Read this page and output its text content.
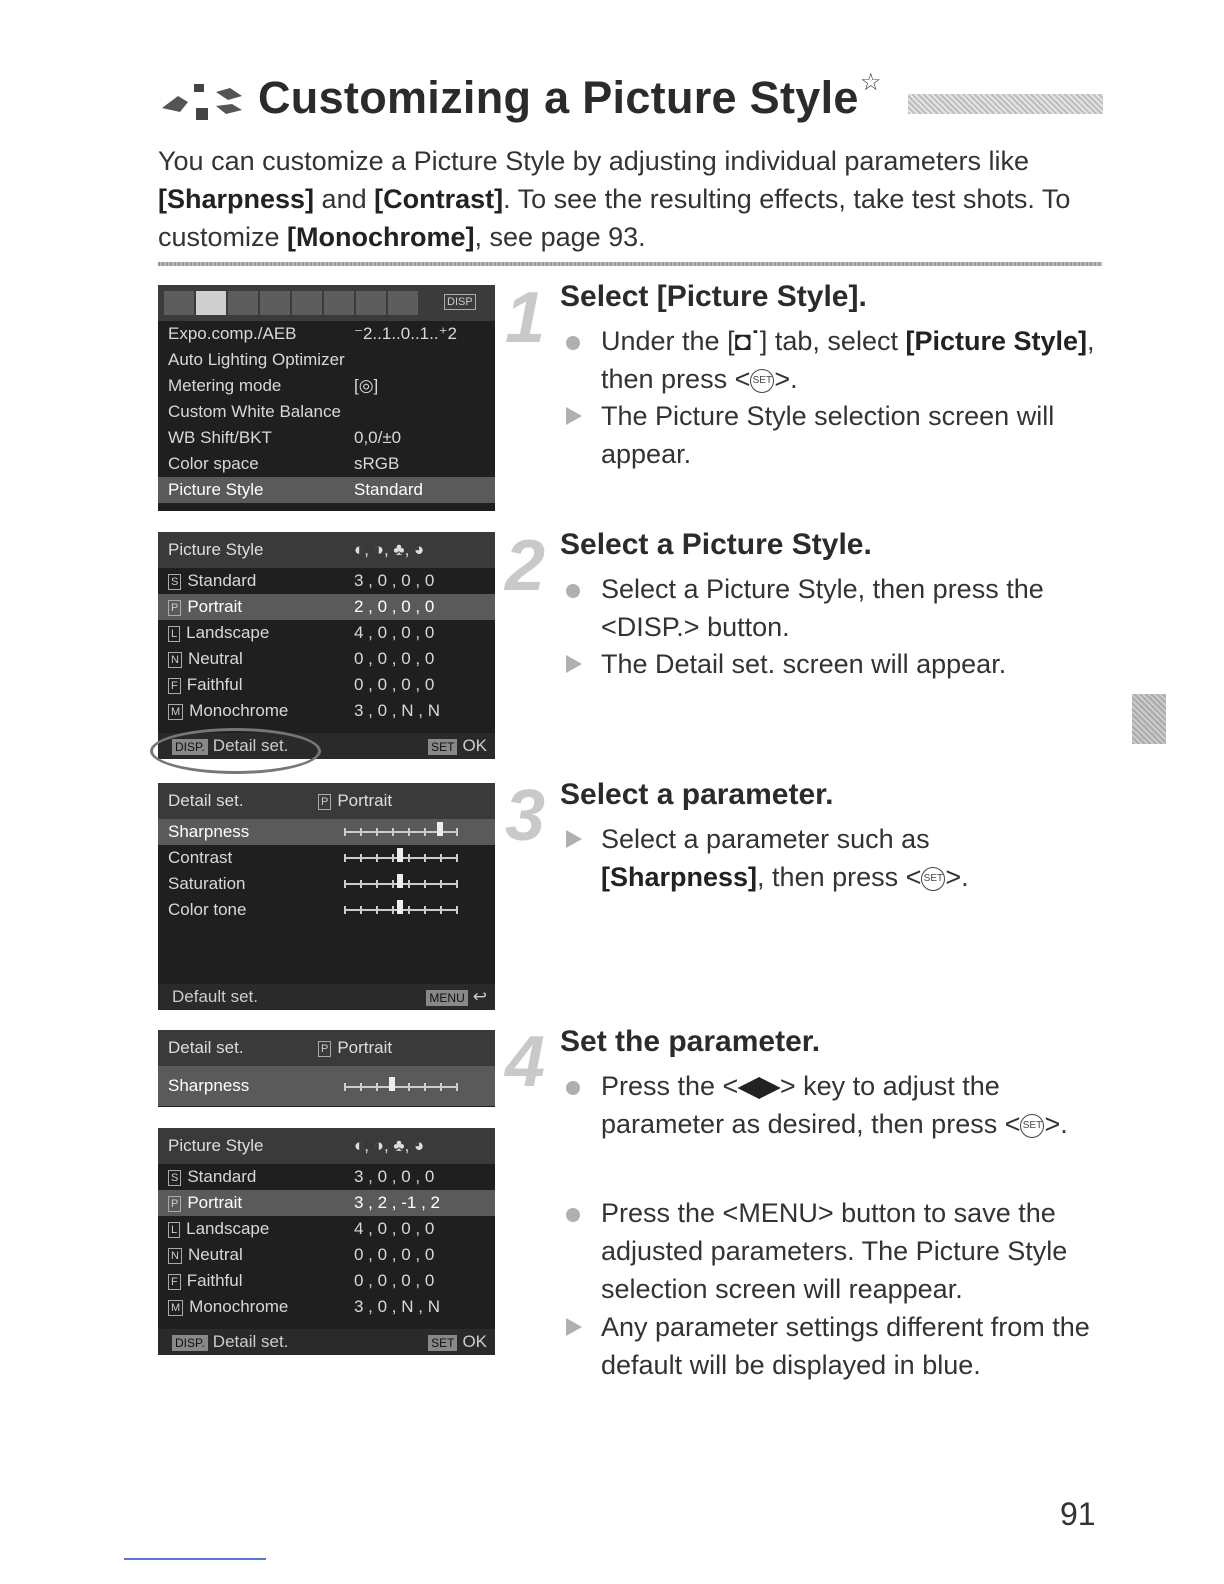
Customizing a Picture Style ☆
You can customize a Picture Style by adjusting individual parameters like [Sharpness] and [Contrast]. To see the resulting effects, take test shots. To customize [Monochrome], see page 93.
DISP
Expo.comp./AEB	⁻2..1..0..1..⁺2
Auto Lighting Optimizer
Metering mode	[◎]
Custom White Balance
WB Shift/BKT	0,0/±0
Color space	sRGB
Picture Style	Standard
Picture Style	◐, ◑, ♣, ◕
S Standard	3 , 0 , 0 , 0
P Portrait	2 , 0 , 0 , 0
L Landscape	4 , 0 , 0 , 0
N Neutral	0 , 0 , 0 , 0
F Faithful	0 , 0 , 0 , 0
M Monochrome	3 , 0 , N , N
DISP. Detail set.	SET OK
Detail set.	P Portrait
Sharpness
Contrast
Saturation
Color tone
Default set.	MENU ↩
Detail set.	P Portrait
Sharpness
Picture Style	◐, ◑, ♣, ◕
S Standard	3 , 0 , 0 , 0
P Portrait	3 , 2 , -1 , 2
L Landscape	4 , 0 , 0 , 0
N Neutral	0 , 0 , 0 , 0
F Faithful	0 , 0 , 0 , 0
M Monochrome	3 , 0 , N , N
DISP. Detail set.	SET OK
1 Select [Picture Style].
Under the [◘˙] tab, select [Picture Style], then press < SET>.
The Picture Style selection screen will appear.
2 Select a Picture Style.
Select a Picture Style, then press the <DISP.> button.
The Detail set. screen will appear.
3 Select a parameter.
Select a parameter such as [Sharpness], then press < SET>.
4 Set the parameter.
Press the <◀▶> key to adjust the parameter as desired, then press < SET>.
Press the <MENU> button to save the adjusted parameters. The Picture Style selection screen will reappear.
Any parameter settings different from the default will be displayed in blue.
91
